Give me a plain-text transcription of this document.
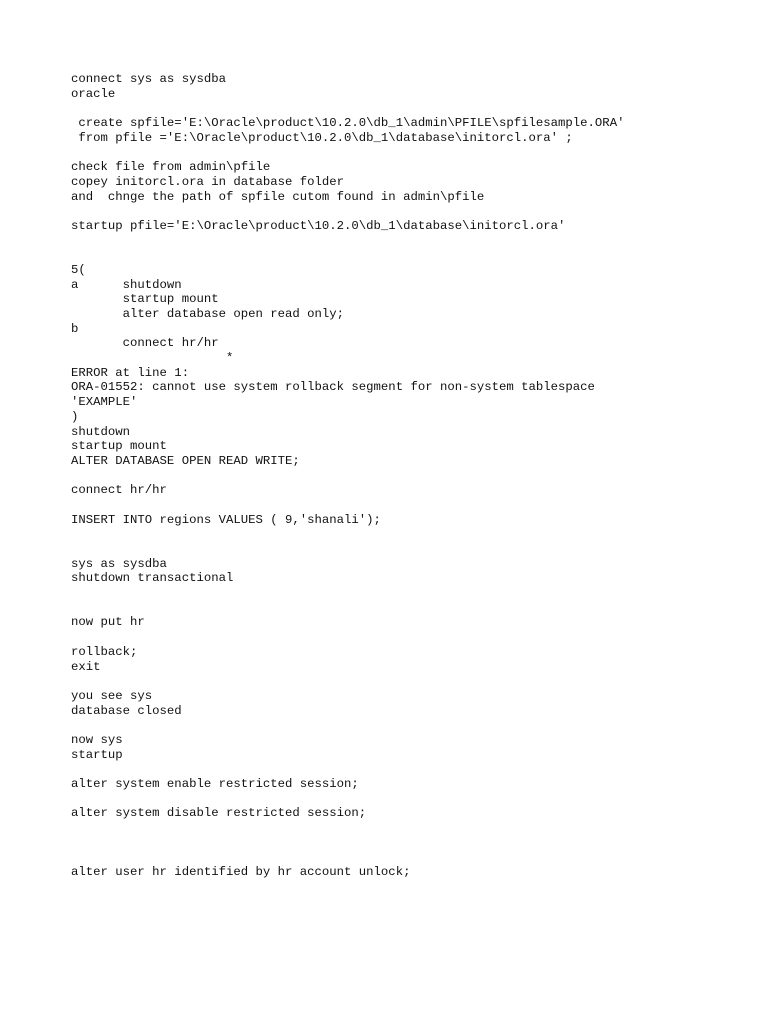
connect sys as sysdba
oracle
create spfile='E:\Oracle\product\10.2.0\db_1\admin\PFILE\spfilesample.ORA'
from pfile ='E:\Oracle\product\10.2.0\db_1\database\initorcl.ora' ;
check file from admin\pfile
copey initorcl.ora in database folder
and  chnge the path of spfile cutom found in admin\pfile
startup pfile='E:\Oracle\product\10.2.0\db_1\database\initorcl.ora'
5(
a      shutdown
startup mount
alter database open read only;
b
connect hr/hr
*
ERROR at line 1:
ORA-01552: cannot use system rollback segment for non-system tablespace
'EXAMPLE'
)
shutdown
startup mount
ALTER DATABASE OPEN READ WRITE;
connect hr/hr
INSERT INTO regions VALUES ( 9,'shanali');
sys as sysdba
shutdown transactional
now put hr
rollback;
exit
you see sys
database closed
now sys
startup
alter system enable restricted session;
alter system disable restricted session;
alter user hr identified by hr account unlock;
